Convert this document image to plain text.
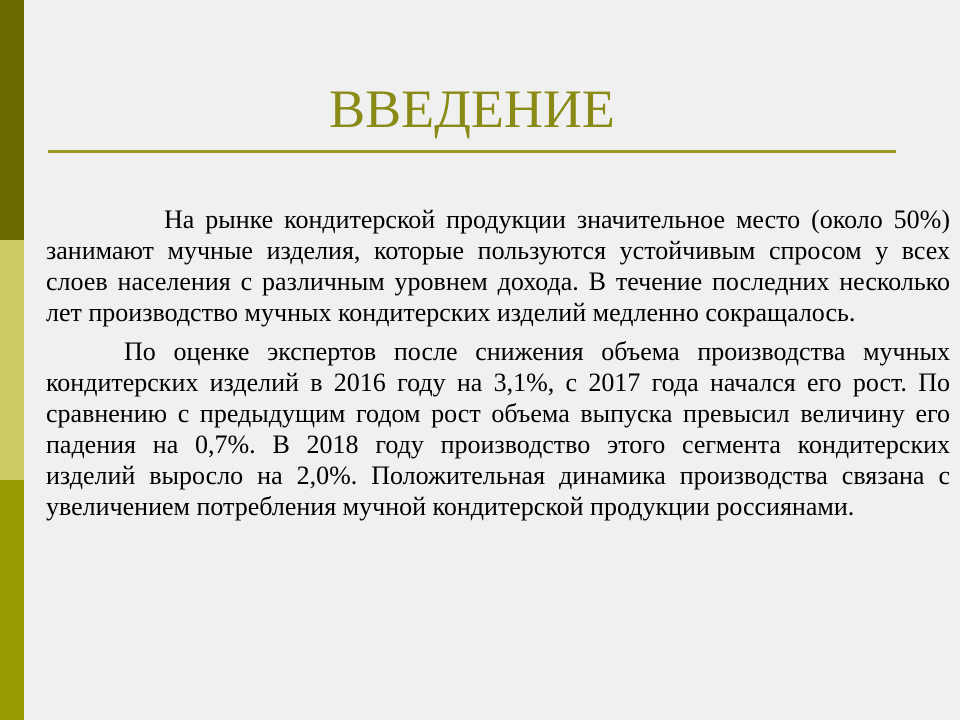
ВВЕДЕНИЕ

На рынке кондитерской продукции значительное место (около 50%) занимают мучные изделия, которые пользуются устойчивым спросом у всех слоев населения с различным уровнем дохода. В течение последних несколько лет производство мучных кондитерских изделий медленно сокращалось.

По оценке экспертов после снижения объема производства мучных кондитерских изделий в 2016 году на 3,1%, с 2017 года начался его рост. По сравнению с предыдущим годом рост объема выпуска превысил величину его падения на 0,7%. В 2018 году производство этого сегмента кондитерских изделий выросло на 2,0%. Положительная динамика производства связана с увеличением потребления мучной кондитерской продукции россиянами.
